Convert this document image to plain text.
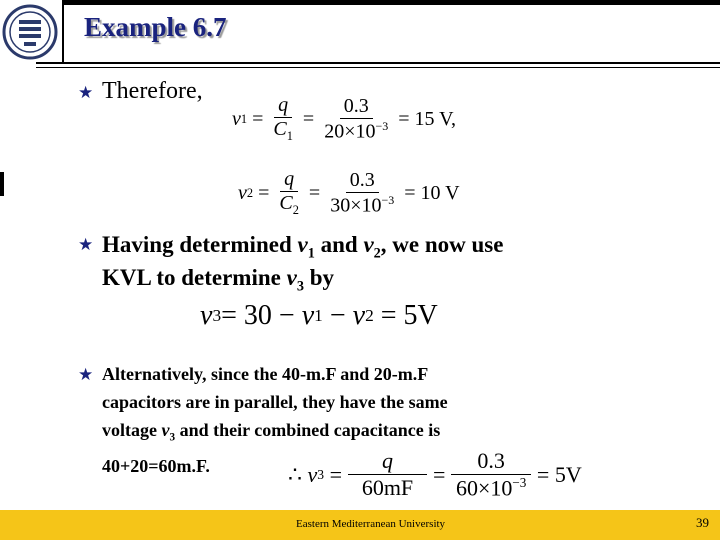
Example 6.7
★ Therefore,
v $1 = \frac{q}{C_1} = \frac{0.3}{20\times 10^{-3}} = 15$ V,
v $2 = \frac{q}{C_2} = \frac{0.3}{30\times 10^{-3}} = 10$ V
★ Having determined $v_1$ and $v_2$, we now use
KVL to determine $v_3$ by
v 3 = 30 − v 1 − v 2 = 5V
★ Alternatively, since the 40-m.F and 20-m.F
capacitors are in parallel, they have the same
voltage $v_3$ and their combined capacitance is
40+20=60m.F.	∴
v $3 = \frac{q}{60mF} = \frac{0.3}{60\times 10^{-3}} = 5V$
Eastern Mediterranean University	39
